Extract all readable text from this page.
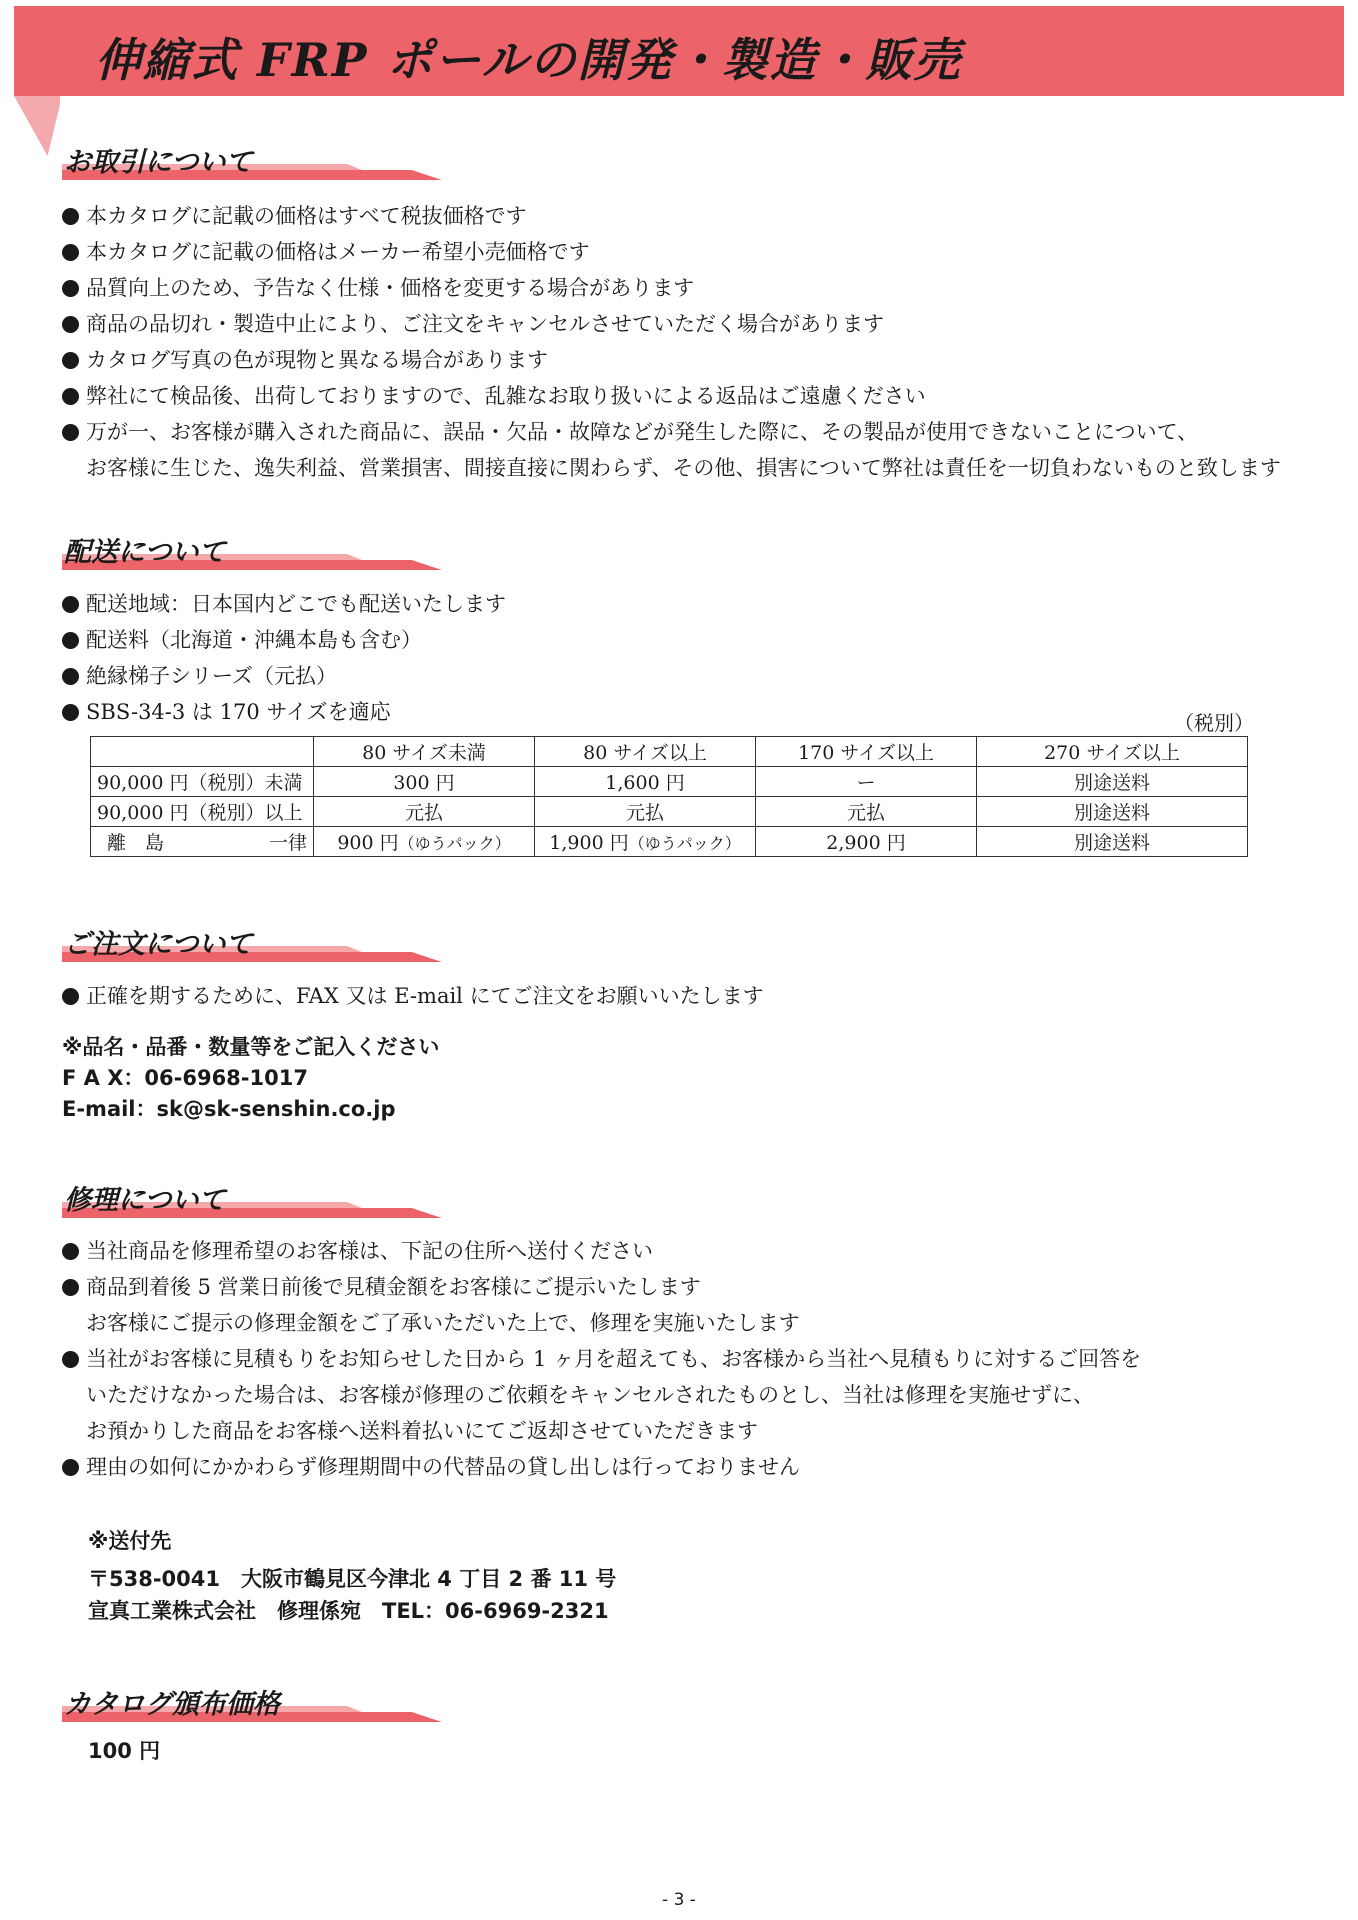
伸縮式 FRP ポールの開発・製造・販売
お取引について
本カタログに記載の価格はすべて税抜価格です
本カタログに記載の価格はメーカー希望小売価格です
品質向上のため、予告なく仕様・価格を変更する場合があります
商品の品切れ・製造中止により、ご注文をキャンセルさせていただく場合があります
カタログ写真の色が現物と異なる場合があります
弊社にて検品後、出荷しておりますので、乱雑なお取り扱いによる返品はご遠慮ください
万が一、お客様が購入された商品に、誤品・欠品・故障などが発生した際に、その製品が使用できないことについて、
お客様に生じた、逸失利益、営業損害、間接直接に関わらず、その他、損害について弊社は責任を一切負わないものと致します
配送について
配送地域：日本国内どこでも配送いたします
配送料（北海道・沖縄本島も含む）
絶縁梯子シリーズ（元払）
SBS-34-3 は 170 サイズを適応	（税別）
	80 サイズ未満	80 サイズ以上	170 サイズ以上	270 サイズ以上
90,000 円（税別）未満	300 円	1,600 円	ー	別途送料
90,000 円（税別）以上	元払	元払	元払	別途送料
離　島 一律	900 円（ゆうパック）	1,900 円（ゆうパック）	2,900 円	別途送料
ご注文について
正確を期するために、FAX 又は E-mail にてご注文をお願いいたします
※品名・品番・数量等をご記入ください
F A X：06-6968-1017
E-mail：sk@sk-senshin.co.jp
修理について
当社商品を修理希望のお客様は、下記の住所へ送付ください
商品到着後 5 営業日前後で見積金額をお客様にご提示いたします
お客様にご提示の修理金額をご了承いただいた上で、修理を実施いたします
当社がお客様に見積もりをお知らせした日から 1 ヶ月を超えても、お客様から当社へ見積もりに対するご回答を
いただけなかった場合は、お客様が修理のご依頼をキャンセルされたものとし、当社は修理を実施せずに、
お預かりした商品をお客様へ送料着払いにてご返却させていただきます
理由の如何にかかわらず修理期間中の代替品の貸し出しは行っておりません
※送付先
〒538-0041　大阪市鶴見区今津北 4 丁目 2 番 11 号
宣真工業株式会社　修理係宛　TEL：06-6969-2321
カタログ頒布価格
100 円
- 3 -
